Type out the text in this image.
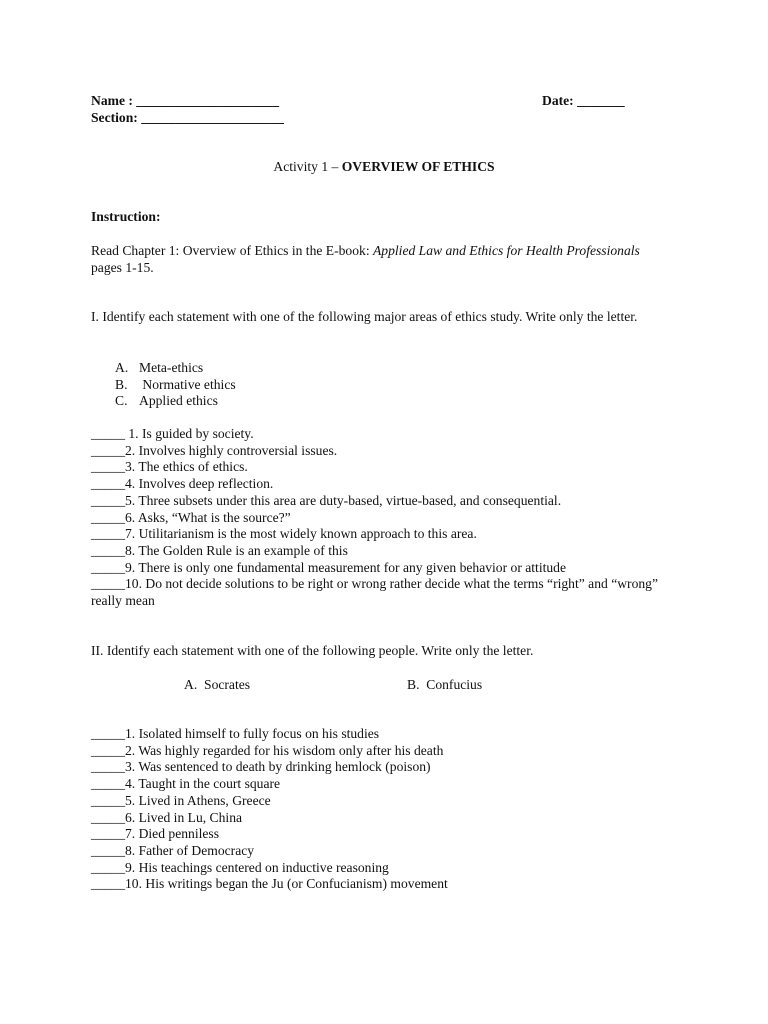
Name : _____________________
Section: _____________________
Date: _______
Activity 1 – OVERVIEW OF ETHICS
Instruction:
Read Chapter 1: Overview of Ethics in the E-book: Applied Law and Ethics for Health Professionals
pages 1-15.
I. Identify each statement with one of the following major areas of ethics study. Write only the letter.
A. Meta-ethics
B. Normative ethics
C. Applied ethics
_____ 1. Is guided by society.
_____2. Involves highly controversial issues.
_____3. The ethics of ethics.
_____4. Involves deep reflection.
_____5. Three subsets under this area are duty-based, virtue-based, and consequential.
_____6. Asks, “What is the source?”
_____7. Utilitarianism is the most widely known approach to this area.
_____8. The Golden Rule is an example of this
_____9. There is only one fundamental measurement for any given behavior or attitude
_____10. Do not decide solutions to be right or wrong rather decide what the terms “right” and “wrong” really mean
II. Identify each statement with one of the following people. Write only the letter.
A.  Socrates	B.  Confucius
_____1. Isolated himself to fully focus on his studies
_____2. Was highly regarded for his wisdom only after his death
_____3. Was sentenced to death by drinking hemlock (poison)
_____4. Taught in the court square
_____5. Lived in Athens, Greece
_____6. Lived in Lu, China
_____7. Died penniless
_____8. Father of Democracy
_____9. His teachings centered on inductive reasoning
_____10. His writings began the Ju (or Confucianism) movement
